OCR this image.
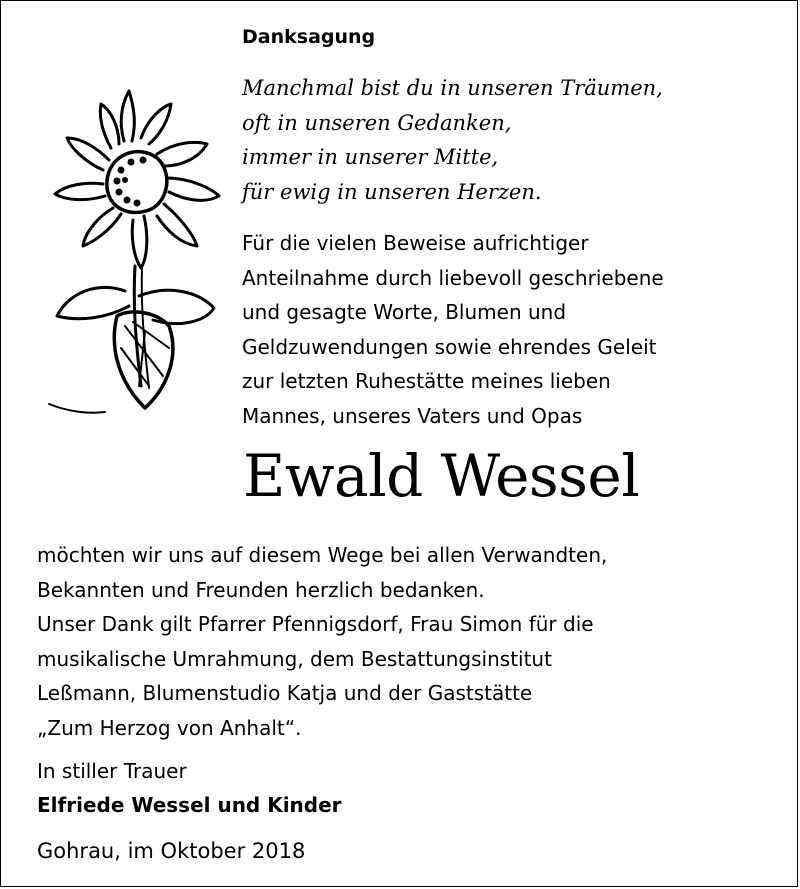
Danksagung
Manchmal bist du in unseren Träumen,
oft in unseren Gedanken,
immer in unserer Mitte,
für ewig in unseren Herzen.
Für die vielen Beweise aufrichtiger
Anteilnahme durch liebevoll geschriebene
und gesagte Worte, Blumen und
Geldzuwendungen sowie ehrendes Geleit
zur letzten Ruhestätte meines lieben
Mannes, unseres Vaters und Opas
Ewald Wessel
möchten wir uns auf diesem Wege bei allen Verwandten,
Bekannten und Freunden herzlich bedanken.
Unser Dank gilt Pfarrer Pfennigsdorf, Frau Simon für die
musikalische Umrahmung, dem Bestattungsinstitut
Leßmann, Blumenstudio Katja und der Gaststätte
„Zum Herzog von Anhalt“.
In stiller Trauer
Elfriede Wessel und Kinder
Gohrau, im Oktober 2018
